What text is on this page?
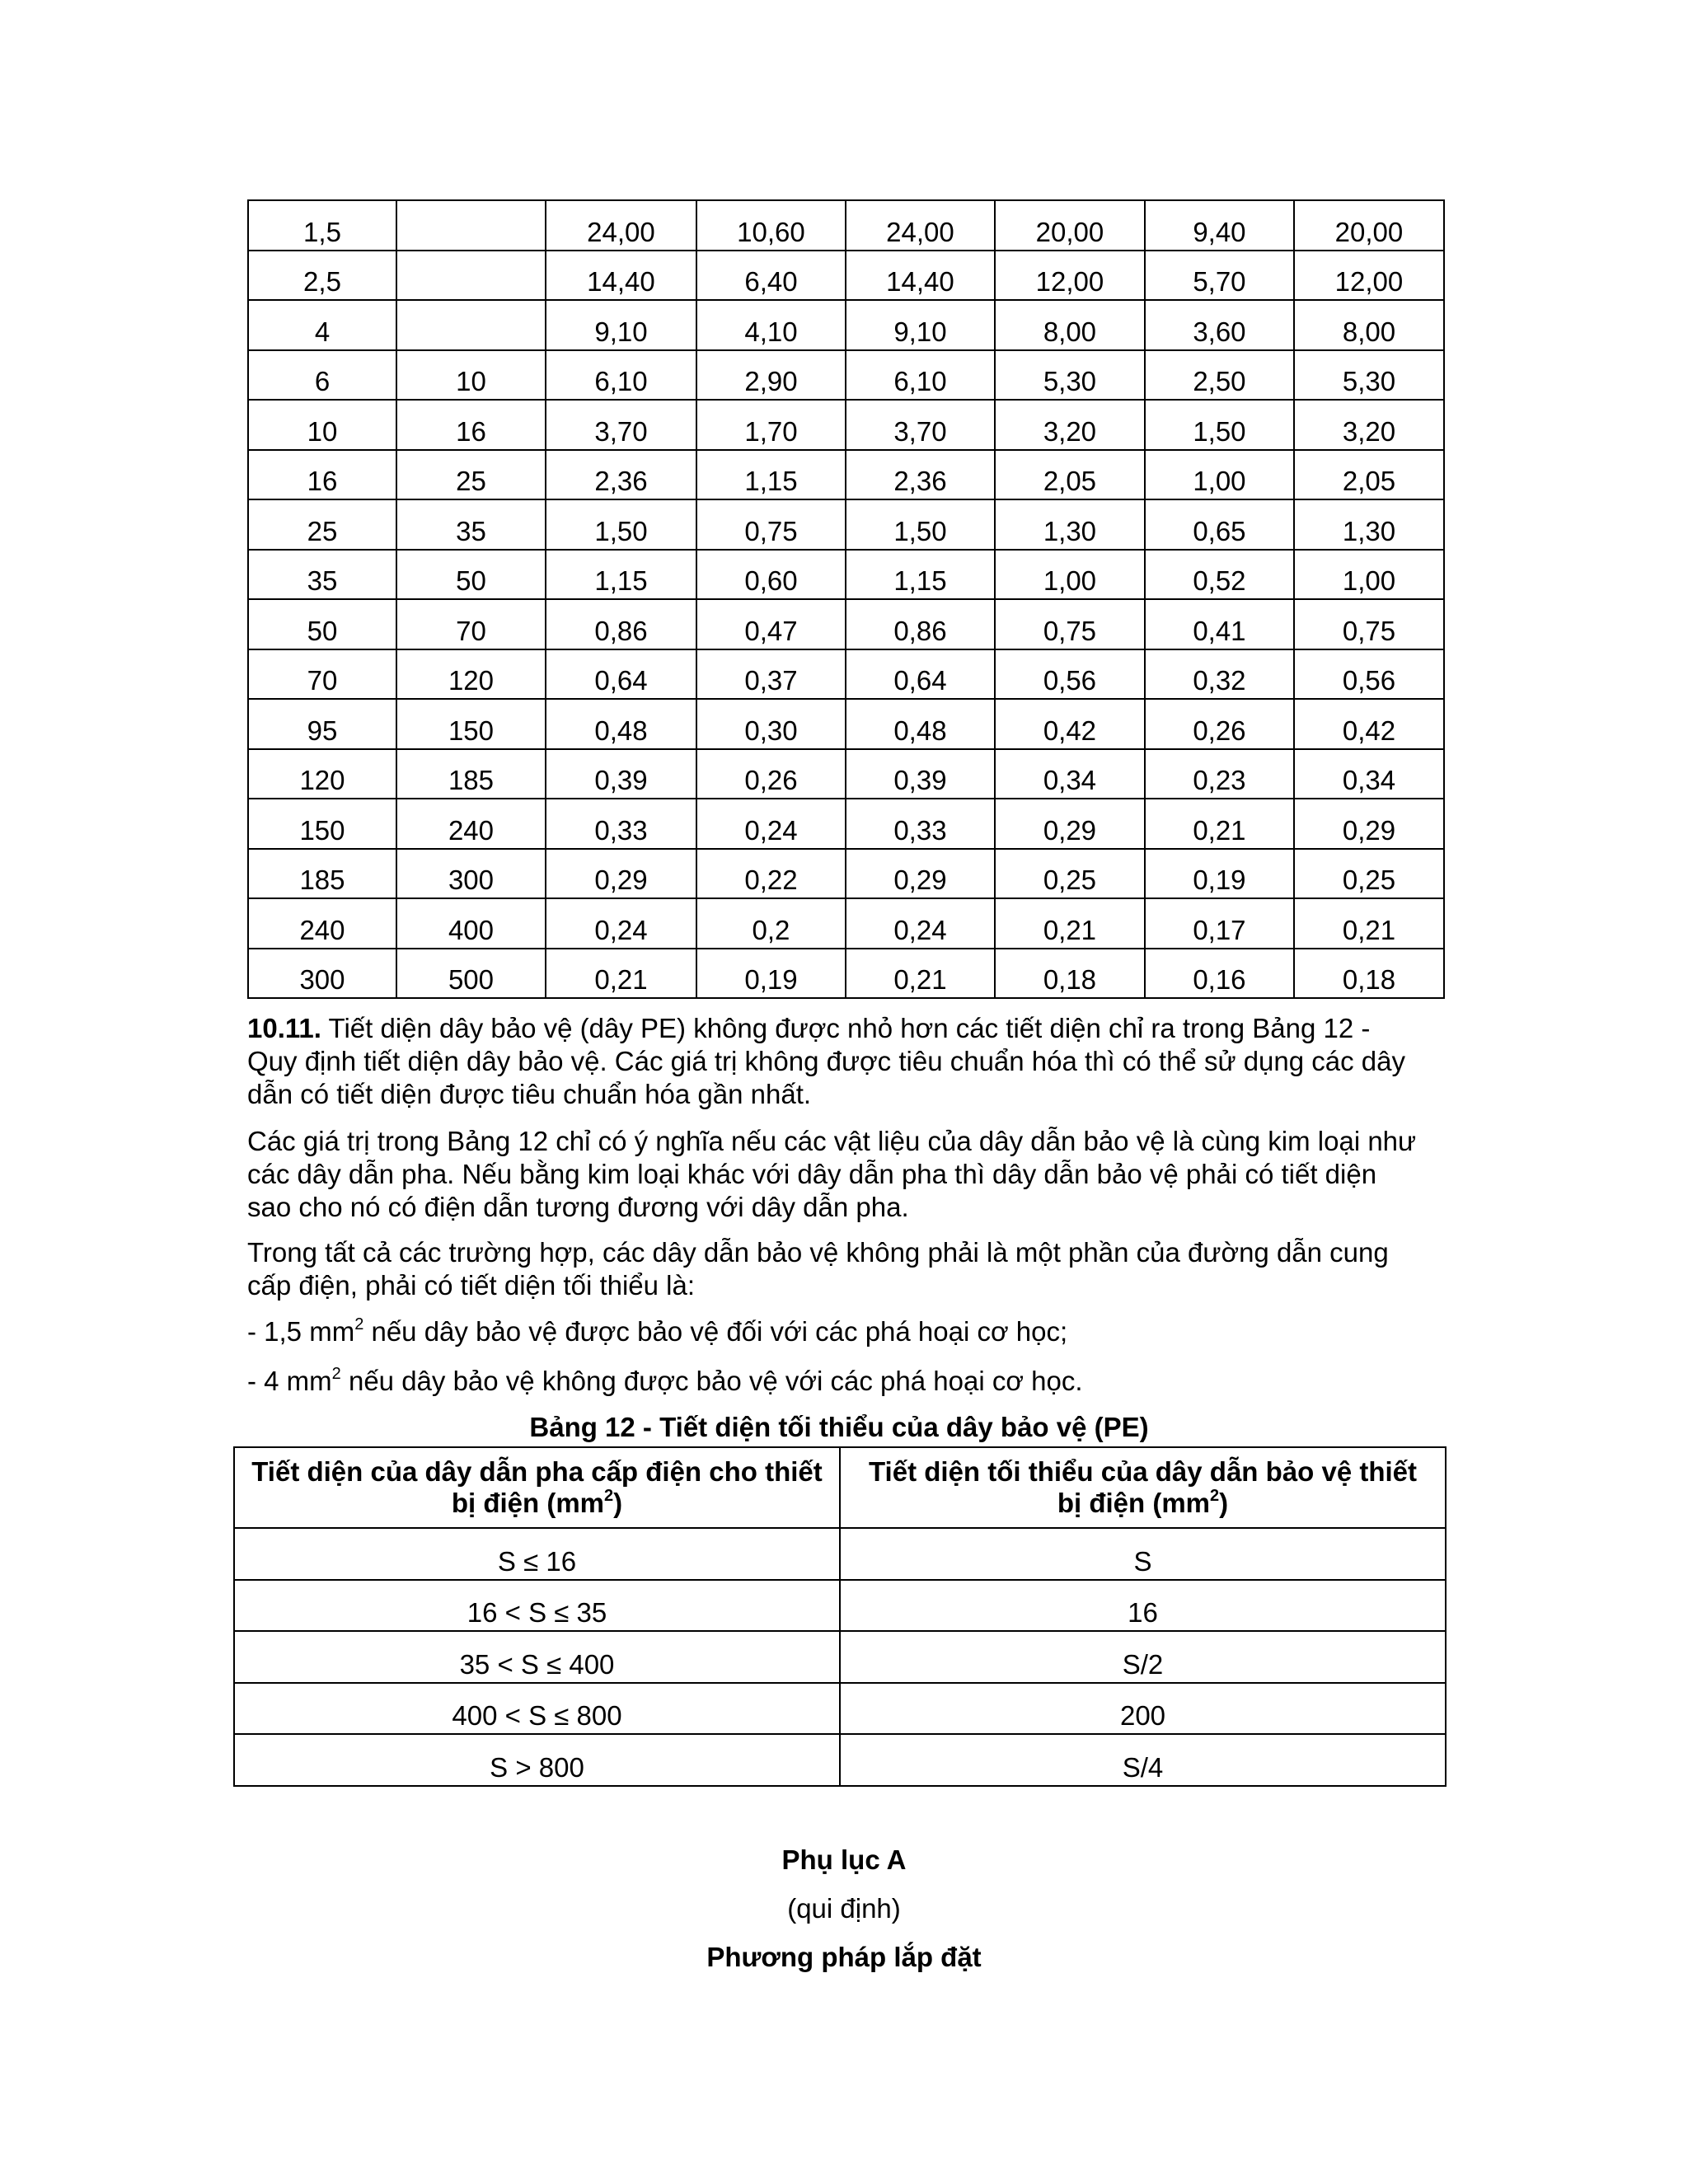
1,5		24,00	10,60	24,00	20,00	9,40	20,00
2,5		14,40	6,40	14,40	12,00	5,70	12,00
4		9,10	4,10	9,10	8,00	3,60	8,00
6	10	6,10	2,90	6,10	5,30	2,50	5,30
10	16	3,70	1,70	3,70	3,20	1,50	3,20
16	25	2,36	1,15	2,36	2,05	1,00	2,05
25	35	1,50	0,75	1,50	1,30	0,65	1,30
35	50	1,15	0,60	1,15	1,00	0,52	1,00
50	70	0,86	0,47	0,86	0,75	0,41	0,75
70	120	0,64	0,37	0,64	0,56	0,32	0,56
95	150	0,48	0,30	0,48	0,42	0,26	0,42
120	185	0,39	0,26	0,39	0,34	0,23	0,34
150	240	0,33	0,24	0,33	0,29	0,21	0,29
185	300	0,29	0,22	0,29	0,25	0,19	0,25
240	400	0,24	0,2	0,24	0,21	0,17	0,21
300	500	0,21	0,19	0,21	0,18	0,16	0,18

10.11. Tiết diện dây bảo vệ (dây PE) không được nhỏ hơn các tiết diện chỉ ra trong Bảng 12 -

Quy định tiết diện dây bảo vệ. Các giá trị không được tiêu chuẩn hóa thì có thể sử dụng các dây

dẫn có tiết diện được tiêu chuẩn hóa gần nhất.

Các giá trị trong Bảng 12 chỉ có ý nghĩa nếu các vật liệu của dây dẫn bảo vệ là cùng kim loại như

các dây dẫn pha. Nếu bằng kim loại khác với dây dẫn pha thì dây dẫn bảo vệ phải có tiết diện

sao cho nó có điện dẫn tương đương với dây dẫn pha.

Trong tất cả các trường hợp, các dây dẫn bảo vệ không phải là một phần của đường dẫn cung

cấp điện, phải có tiết diện tối thiểu là:

- 1,5 $mm^2$ nếu dây bảo vệ được bảo vệ đối với các phá hoại cơ học;

- 4 $mm^2$ nếu dây bảo vệ không được bảo vệ với các phá hoại cơ học.

Bảng 12 - Tiết diện tối thiểu của dây bảo vệ (PE)
Tiết diện của dây dẫn pha cấp điện cho thiết
bị điện $(mm^2)$	Tiết diện tối thiểu của dây dẫn bảo vệ thiết
bị điện $(mm^2)$
S ≤ 16	S
16 < S ≤ 35	16
35 < S ≤ 400	S/2
400 < S ≤ 800	200
S > 800	S/4
Phụ lục A
(qui định)
Phương pháp lắp đặt
